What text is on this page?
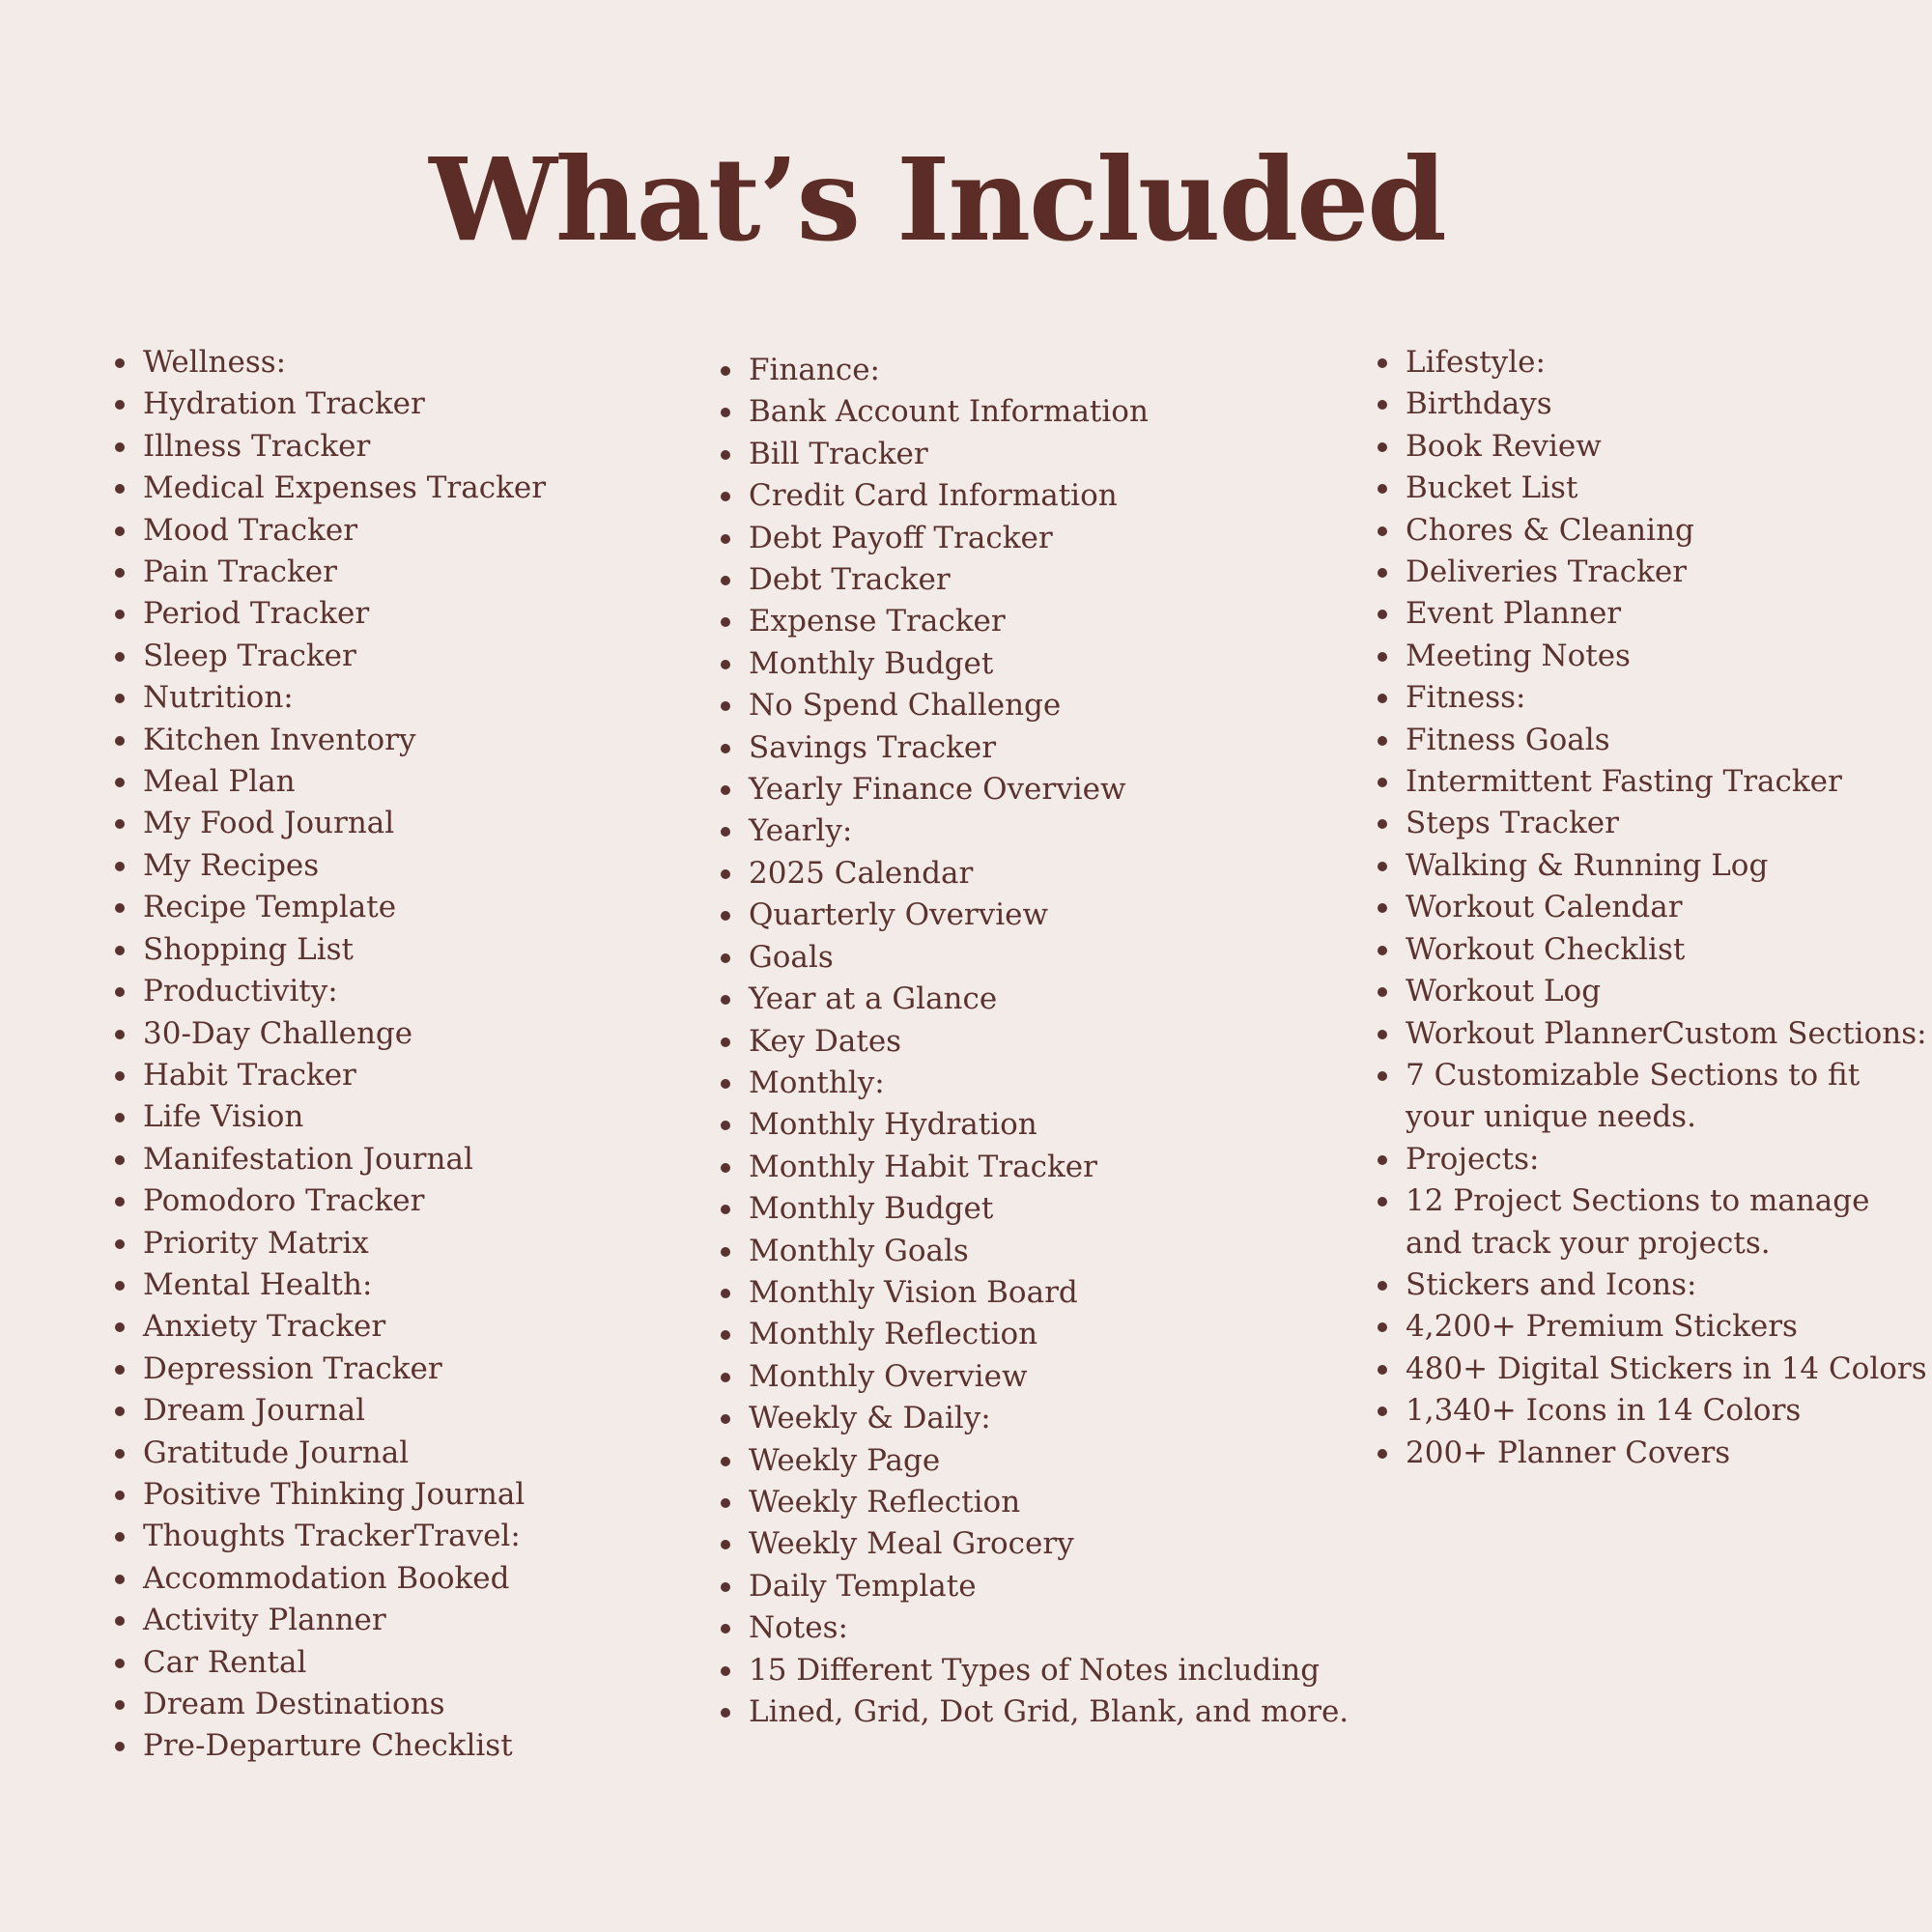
What’s Included
Wellness:
Hydration Tracker
Illness Tracker
Medical Expenses Tracker
Mood Tracker
Pain Tracker
Period Tracker
Sleep Tracker
Nutrition:
Kitchen Inventory
Meal Plan
My Food Journal
My Recipes
Recipe Template
Shopping List
Productivity:
30-Day Challenge
Habit Tracker
Life Vision
Manifestation Journal
Pomodoro Tracker
Priority Matrix
Mental Health:
Anxiety Tracker
Depression Tracker
Dream Journal
Gratitude Journal
Positive Thinking Journal
Thoughts TrackerTravel:
Accommodation Booked
Activity Planner
Car Rental
Dream Destinations
Pre-Departure Checklist
Finance:
Bank Account Information
Bill Tracker
Credit Card Information
Debt Payoff Tracker
Debt Tracker
Expense Tracker
Monthly Budget
No Spend Challenge
Savings Tracker
Yearly Finance Overview
Yearly:
2025 Calendar
Quarterly Overview
Goals
Year at a Glance
Key Dates
Monthly:
Monthly Hydration
Monthly Habit Tracker
Monthly Budget
Monthly Goals
Monthly Vision Board
Monthly Reflection
Monthly Overview
Weekly & Daily:
Weekly Page
Weekly Reflection
Weekly Meal Grocery
Daily Template
Notes:
15 Different Types of Notes including
Lined, Grid, Dot Grid, Blank, and more.
Lifestyle:
Birthdays
Book Review
Bucket List
Chores & Cleaning
Deliveries Tracker
Event Planner
Meeting Notes
Fitness:
Fitness Goals
Intermittent Fasting Tracker
Steps Tracker
Walking & Running Log
Workout Calendar
Workout Checklist
Workout Log
Workout PlannerCustom Sections:
7 Customizable Sections to fit your unique needs.
Projects:
12 Project Sections to manage and track your projects.
Stickers and Icons:
4,200+ Premium Stickers
480+ Digital Stickers in 14 Colors
1,340+ Icons in 14 Colors
200+ Planner Covers
